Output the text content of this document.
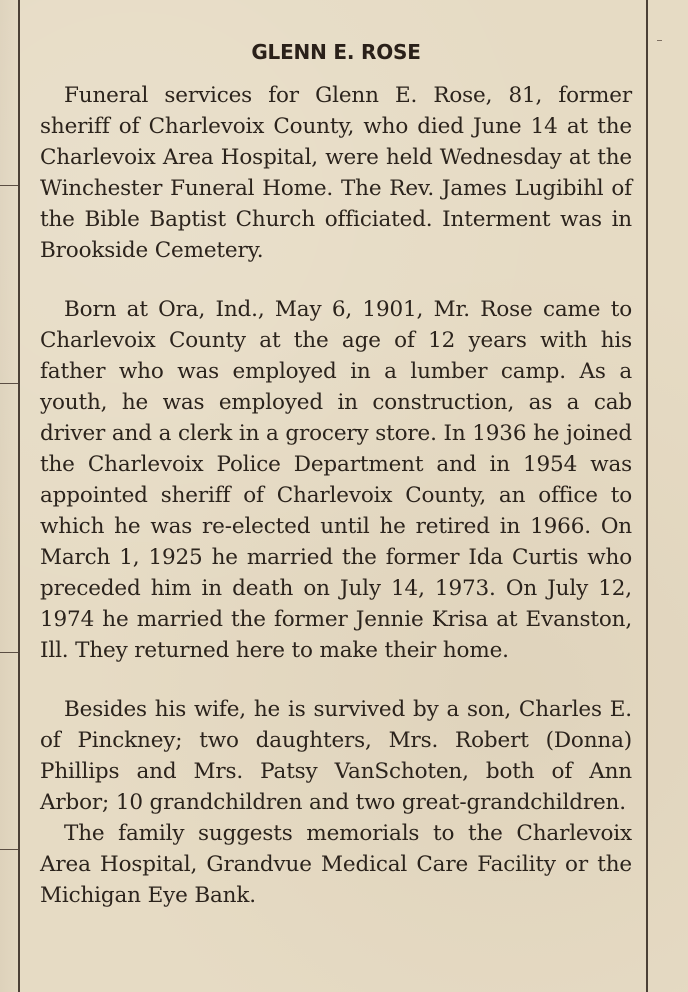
GLENN E. ROSE

Funeral services for Glenn E. Rose, 81, former sheriff of Charlevoix County, who died June 14 at the Charlevoix Area Hospital, were held Wednesday at the Winchester Funeral Home. The Rev. James Lugibihl of the Bible Baptist Church officiated. Interment was in Brookside Cemetery.

Born at Ora, Ind., May 6, 1901, Mr. Rose came to Charlevoix County at the age of 12 years with his father who was employed in a lumber camp. As a youth, he was employed in construction, as a cab driver and a clerk in a grocery store. In 1936 he joined the Charlevoix Police Department and in 1954 was appointed sheriff of Charlevoix County, an office to which he was re-elected until he retired in 1966. On March 1, 1925 he married the former Ida Curtis who preceded him in death on July 14, 1973. On July 12, 1974 he married the former Jennie Krisa at Evanston, Ill. They returned here to make their home.

Besides his wife, he is survived by a son, Charles E. of Pinckney; two daughters, Mrs. Robert (Donna) Phillips and Mrs. Patsy VanSchoten, both of Ann Arbor; 10 grandchildren and two great-grandchildren.

The family suggests memorials to the Charlevoix Area Hospital, Grandvue Medical Care Facility or the Michigan Eye Bank.
